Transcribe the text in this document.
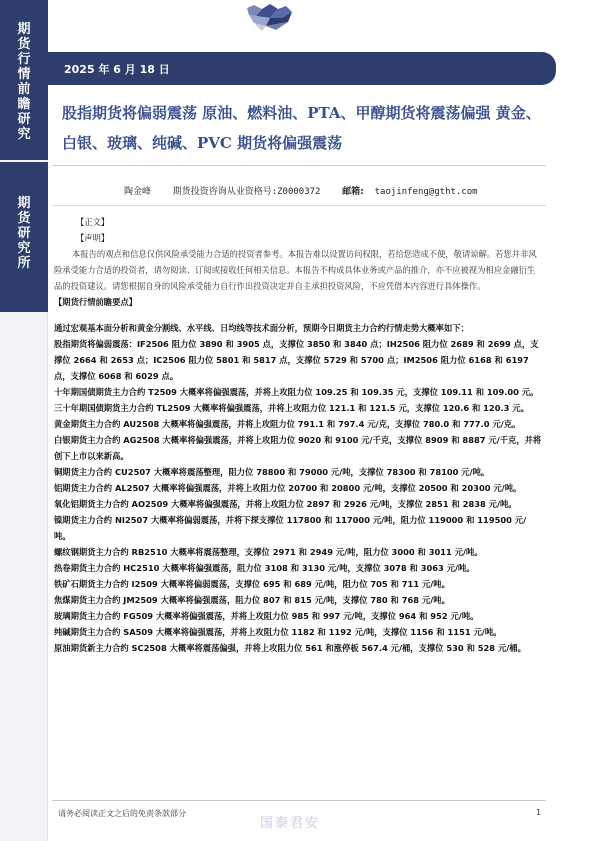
期
货
行
情
前
瞻
研
究
期
货
研
究
所
2025 年 6 月 18 日
股指期货将偏弱震荡 原油、燃料油、PTA、甲醇期货将震荡偏强 黄金、白银、玻璃、纯碱、PVC 期货将偏强震荡
陶金峰 期货投资咨询从业资格号:Z0000372 邮箱: taojinfeng@gtht.com

【正文】

【声明】

本报告的观点和信息仅供风险承受能力合适的投资者参考。本报告难以设置访问权限，若给您造成不便，敬请谅解。若您并非风险承受能力合适的投资者，请勿阅读、订阅或接收任何相关信息。本报告不构成具体业务或产品的推介，亦不应被视为相应金融衍生品的投资建议。请您根据自身的风险承受能力自行作出投资决定并自主承担投资风险，不应凭借本内容进行具体操作。

【期货行情前瞻要点】

通过宏观基本面分析和黄金分割线、水平线、日均线等技术面分析，预期今日期货主力合约行情走势大概率如下：

股指期货将偏弱震荡：IF2506 阻力位 3890 和 3905 点，支撑位 3850 和 3840 点；IH2506 阻力位 2689 和 2699 点，支撑位 2664 和 2653 点；IC2506 阻力位 5801 和 5817 点，支撑位 5729 和 5700 点；IM2506 阻力位 6168 和 6197 点，支撑位 6068 和 6029 点。

十年期国债期货主力合约 T2509 大概率将偏强震荡，并将上攻阻力位 109.25 和 109.35 元，支撑位 109.11 和 109.00 元。

三十年期国债期货主力合约 TL2509 大概率将偏强震荡，并将上攻阻力位 121.1 和 121.5 元，支撑位 120.6 和 120.3 元。

黄金期货主力合约 AU2508 大概率将偏强震荡，并将上攻阻力位 791.1 和 797.4 元/克，支撑位 780.0 和 777.0 元/克。

白银期货主力合约 AG2508 大概率将偏强震荡，并将上攻阻力位 9020 和 9100 元/千克，支撑位 8909 和 8887 元/千克，并将创下上市以来新高。

铜期货主力合约 CU2507 大概率将震荡整理，阻力位 78800 和 79000 元/吨，支撑位 78300 和 78100 元/吨。

铝期货主力合约 AL2507 大概率将偏强震荡，并将上攻阻力位 20700 和 20800 元/吨，支撑位 20500 和 20300 元/吨。

氧化铝期货主力合约 AO2509 大概率将偏强震荡，并将上攻阻力位 2897 和 2926 元/吨，支撑位 2851 和 2838 元/吨。

镍期货主力合约 NI2507 大概率将偏弱震荡，并将下探支撑位 117800 和 117000 元/吨，阻力位 119000 和 119500 元/吨。

螺纹钢期货主力合约 RB2510 大概率将震荡整理，支撑位 2971 和 2949 元/吨，阻力位 3000 和 3011 元/吨。

热卷期货主力合约 HC2510 大概率将偏强震荡，阻力位 3108 和 3130 元/吨，支撑位 3078 和 3063 元/吨。

铁矿石期货主力合约 I2509 大概率将偏弱震荡，支撑位 695 和 689 元/吨，阻力位 705 和 711 元/吨。

焦煤期货主力合约 JM2509 大概率将偏强震荡，阻力位 807 和 815 元/吨，支撑位 780 和 768 元/吨。

玻璃期货主力合约 FG509 大概率将偏强震荡，并将上攻阻力位 985 和 997 元/吨，支撑位 964 和 952 元/吨。

纯碱期货主力合约 SA509 大概率将偏强震荡，并将上攻阻力位 1182 和 1192 元/吨，支撑位 1156 和 1151 元/吨。

原油期货新主力合约 SC2508 大概率将震荡偏强，并将上攻阻力位 561 和涨停板 567.4 元/桶，支撑位 530 和 528 元/桶。

国泰君安
请务必阅读正文之后的免责条款部分	1
